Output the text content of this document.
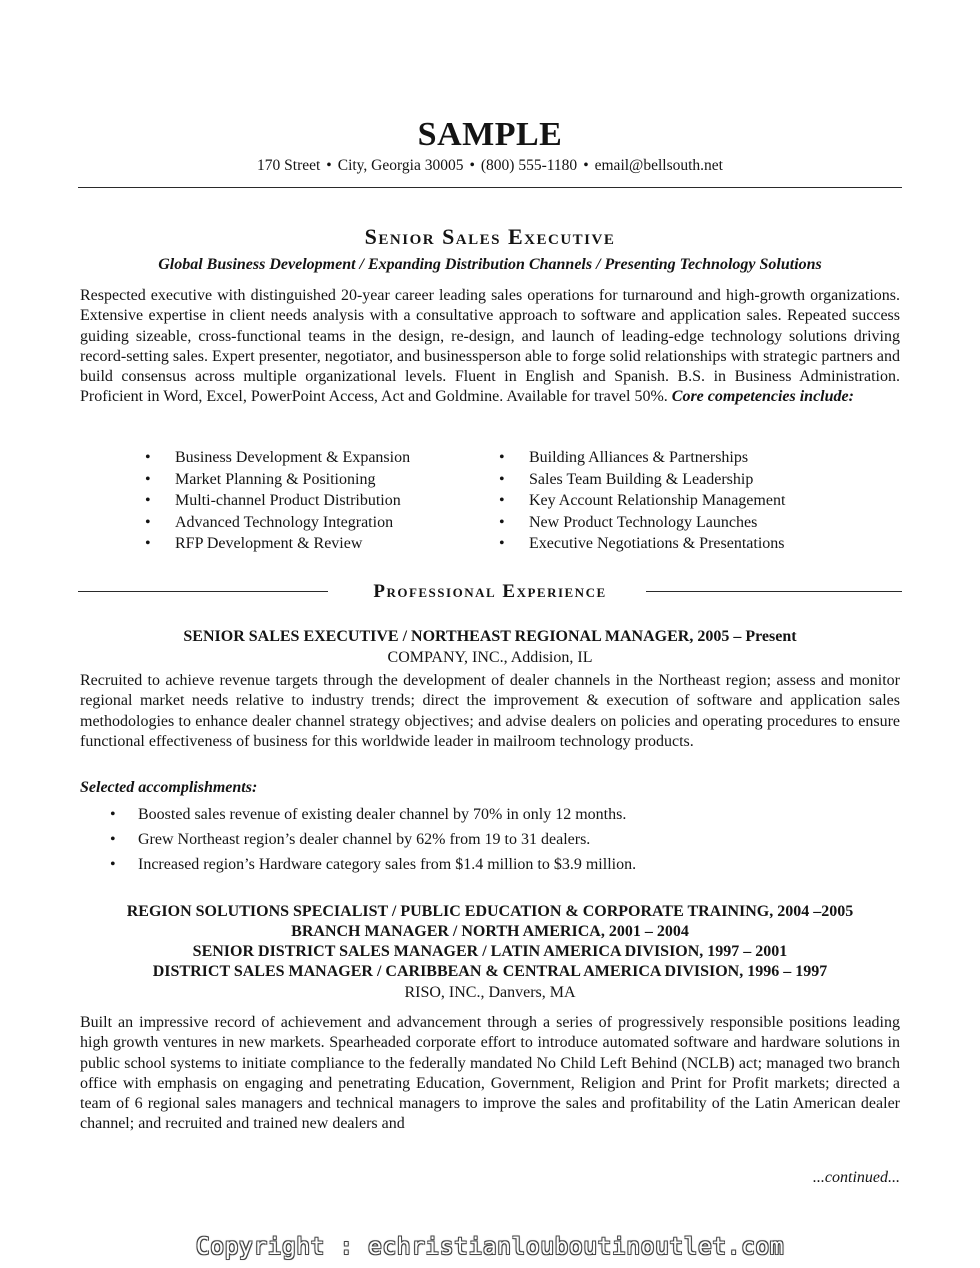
SAMPLE
170 Street • City, Georgia 30005 • (800) 555-1180 • email@bellsouth.net
Senior Sales Executive
Global Business Development / Expanding Distribution Channels / Presenting Technology Solutions

Respected executive with distinguished 20-year career leading sales operations for turnaround and high-growth organizations. Extensive expertise in client needs analysis with a consultative approach to software and application sales. Repeated success guiding sizeable, cross-functional teams in the design, re-design, and launch of leading-edge technology solutions driving record-setting sales. Expert presenter, negotiator, and businessperson able to forge solid relationships with strategic partners and build consensus across multiple organizational levels. Fluent in English and Spanish. B.S. in Business Administration. Proficient in Word, Excel, PowerPoint Access, Act and Goldmine. Available for travel 50%. Core competencies include:

• Business Development & Expansion
• Market Planning & Positioning
• Multi-channel Product Distribution
• Advanced Technology Integration
• RFP Development & Review
• Building Alliances & Partnerships
• Sales Team Building & Leadership
• Key Account Relationship Management
• New Product Technology Launches
• Executive Negotiations & Presentations
Professional Experience
SENIOR SALES EXECUTIVE / NORTHEAST REGIONAL MANAGER, 2005 – Present
COMPANY, INC., Addision, IL

Recruited to achieve revenue targets through the development of dealer channels in the Northeast region; assess and monitor regional market needs relative to industry trends; direct the improvement & execution of software and application sales methodologies to enhance dealer channel strategy objectives; and advise dealers on policies and operating procedures to ensure functional effectiveness of business for this worldwide leader in mailroom technology products.

Selected accomplishments:
• Boosted sales revenue of existing dealer channel by 70% in only 12 months.
• Grew Northeast region’s dealer channel by 62% from 19 to 31 dealers.
• Increased region’s Hardware category sales from $1.4 million to $3.9 million.
REGION SOLUTIONS SPECIALIST / PUBLIC EDUCATION & CORPORATE TRAINING, 2004 –2005
BRANCH MANAGER / NORTH AMERICA, 2001 – 2004
SENIOR DISTRICT SALES MANAGER / LATIN AMERICA DIVISION, 1997 – 2001
DISTRICT SALES MANAGER / CARIBBEAN & CENTRAL AMERICA DIVISION, 1996 – 1997
RISO, INC., Danvers, MA

Built an impressive record of achievement and advancement through a series of progressively responsible positions leading high growth ventures in new markets. Spearheaded corporate effort to introduce automated software and hardware solutions in public school systems to initiate compliance to the federally mandated No Child Left Behind (NCLB) act; managed two branch office with emphasis on engaging and penetrating Education, Government, Religion and Print for Profit markets; directed a team of 6 regional sales managers and technical managers to improve the sales and profitability of the Latin American dealer channel; and recruited and trained new dealers and

...continued...
Copyright : echristianlouboutinoutlet.com
